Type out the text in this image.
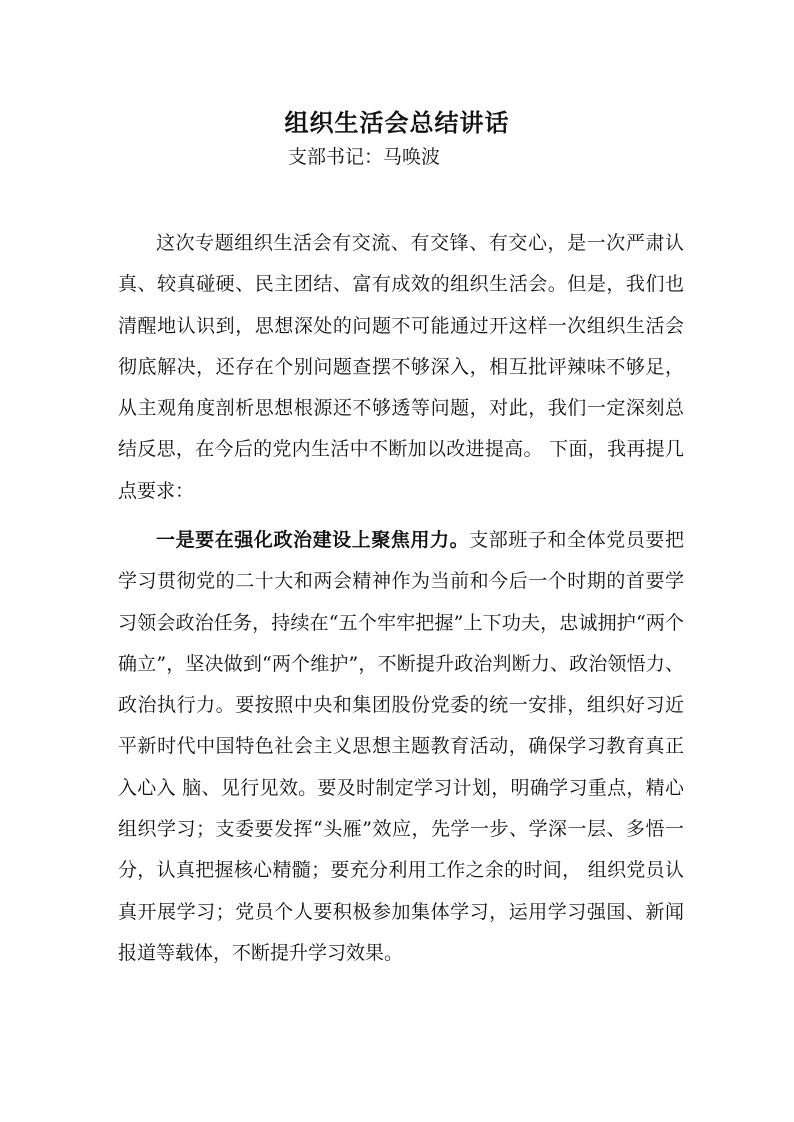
组织生活会总结讲话

支部书记：马唤波

这次专题组织生活会有交流、有交锋、有交心，是一次严肃认真、较真碰硬、民主团结、富有成效的组织生活会。但是，我们也清醒地认识到，思想深处的问题不可能通过开这样一次组织生活会彻底解决，还存在个别问题查摆不够深入，相互批评辣味不够足，从主观角度剖析思想根源还不够透等问题，对此，我们一定深刻总结反思，在今后的党内生活中不断加以改进提高。 下面，我再提几点要求：

一是要在强化政治建设上聚焦用力。支部班子和全体党员要把学习贯彻党的二十大和两会精神作为当前和今后一个时期的首要学习领会政治任务，持续在“五个牢牢把握”上下功夫，忠诚拥护“两个确立”，坚决做到“两个维护”，不断提升政治判断力、政治领悟力、政治执行力。要按照中央和集团股份党委的统一安排，组织好习近平新时代中国特色社会主义思想主题教育活动，确保学习教育真正入心入 脑、见行见效。要及时制定学习计划，明确学习重点，精心组织学习；支委要发挥“头雁”效应，先学一步、学深一层、多悟一分，认真把握核心精髓；要充分利用工作之余的时间， 组织党员认真开展学习；党员个人要积极参加集体学习，运用学习强国、新闻报道等载体，不断提升学习效果。
